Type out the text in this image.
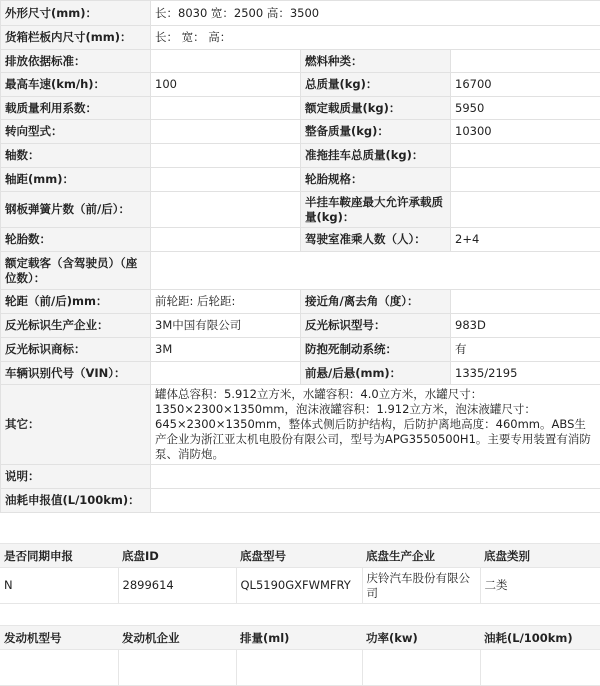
外形尺寸(mm)：	长：8030 宽：2500 高：3500		
货箱栏板内尺寸(mm)：	长： 宽： 高：		
排放依据标准：		燃料种类：	
最高车速(km/h)：	100	总质量(kg)：	16700
载质量利用系数：		额定载质量(kg)：	5950
转向型式：		整备质量(kg)：	10300
轴数：		准拖挂车总质量(kg)：	
轴距(mm)：		轮胎规格：	
钢板弹簧片数（前/后）：		半挂车鞍座最大允许承载质量(kg)：	
轮胎数：		驾驶室准乘人数（人）：	2+4
额定载客（含驾驶员）（座位数）：			
轮距（前/后)mm：	前轮距: 后轮距:	接近角/离去角（度）：	
反光标识生产企业：	3M中国有限公司	反光标识型号：	983D
反光标识商标：	3M	防抱死制动系统：	有
车辆识别代号（VIN）：		前悬/后悬(mm)：	1335/2195
其它：	罐体总容积：5.912立方米，水罐容积：4.0立方米，水罐尺寸：1350×2300×1350mm，泡沫液罐容积：1.912立方米，泡沫液罐尺寸：645×2300×1350mm，整体式侧后防护结构，后防护离地高度：460mm。ABS生产企业为浙江亚太机电股份有限公司，型号为APG3550500H1。主要专用装置有消防泵、消防炮。		
说明：			
油耗申报值(L/100km)：			
是否同期申报	底盘ID	底盘型号	底盘生产企业	底盘类别
N	2899614	QL5190GXFWMFRY	庆铃汽车股份有限公司	二类
发动机型号	发动机企业	排量(ml)	功率(kw)	油耗(L/100km)
